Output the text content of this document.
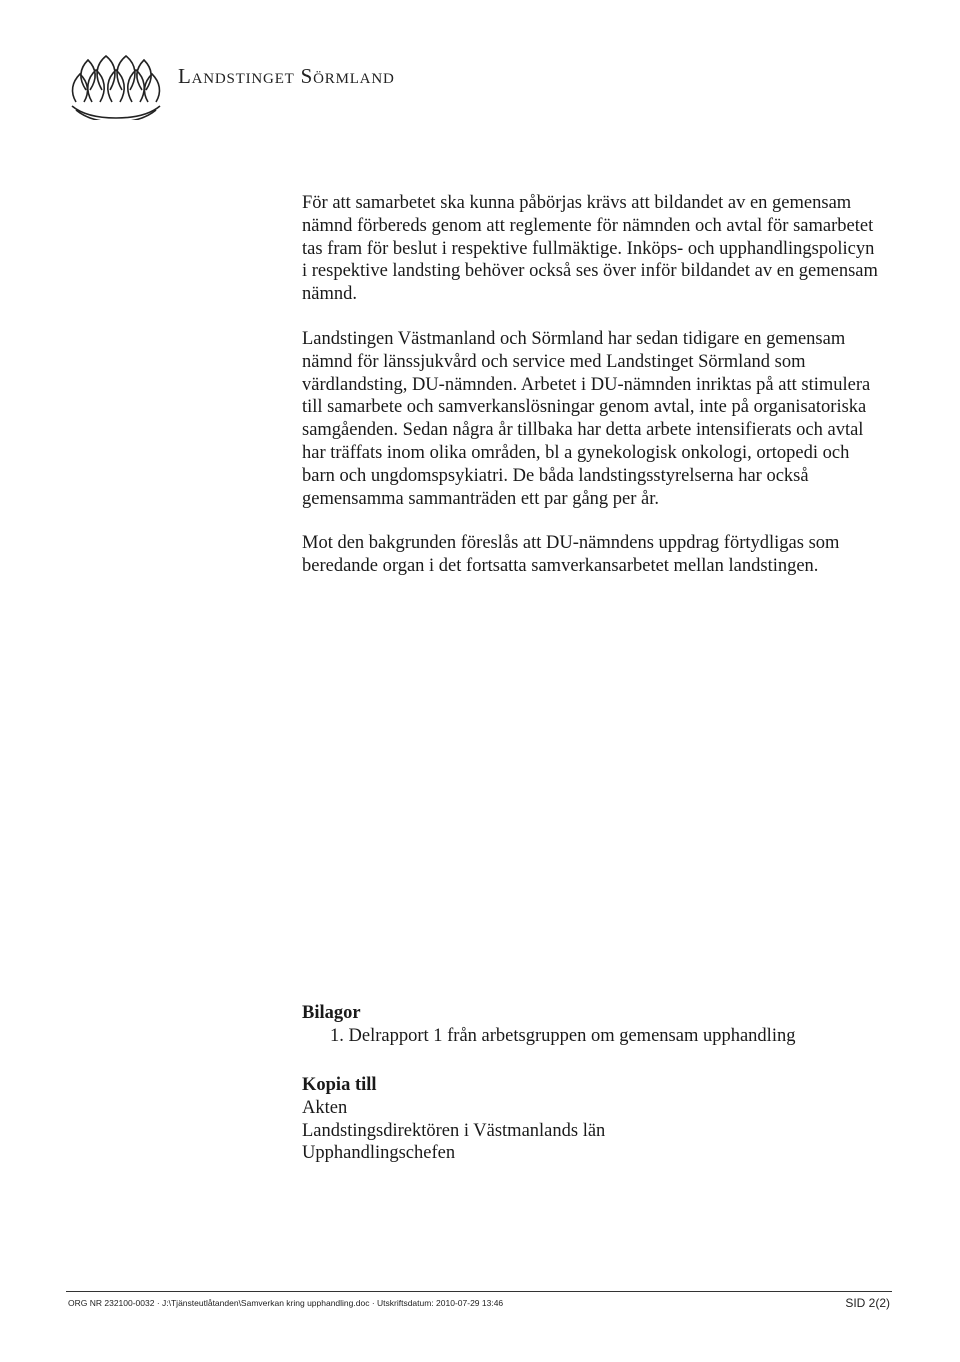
Landstinget Sörmland

För att samarbetet ska kunna påbörjas krävs att bildandet av en gemensam nämnd förbereds genom att reglemente för nämnden och avtal för samarbetet tas fram för beslut i respektive fullmäktige. Inköps- och upphandlingspolicyn i respektive landsting behöver också ses över inför bildandet av en gemensam nämnd.

Landstingen Västmanland och Sörmland har sedan tidigare en gemensam nämnd för länssjukvård och service med Landstinget Sörmland som värdlandsting, DU-nämnden. Arbetet i DU-nämnden inriktas på att stimulera till samarbete och samverkanslösningar genom avtal, inte på organisatoriska samgåenden. Sedan några år tillbaka har detta arbete intensifierats och avtal har träffats inom olika områden, bl a gynekologisk onkologi, ortopedi och barn och ungdomspsykiatri. De båda landstingsstyrelserna har också gemensamma sammanträden ett par gång per år.

Mot den bakgrunden föreslås att DU-nämndens uppdrag förtydligas som beredande organ i det fortsatta samverkansarbetet mellan landstingen.

Bilagor
1. Delrapport 1 från arbetsgruppen om gemensam upphandling
Kopia till
Akten
Landstingsdirektören i Västmanlands län
Upphandlingschefen
ORG NR 232100-0032 · J:\Tjänsteutlåtanden\Samverkan kring upphandling.doc · Utskriftsdatum: 2010-07-29 13:46	SID 2(2)
